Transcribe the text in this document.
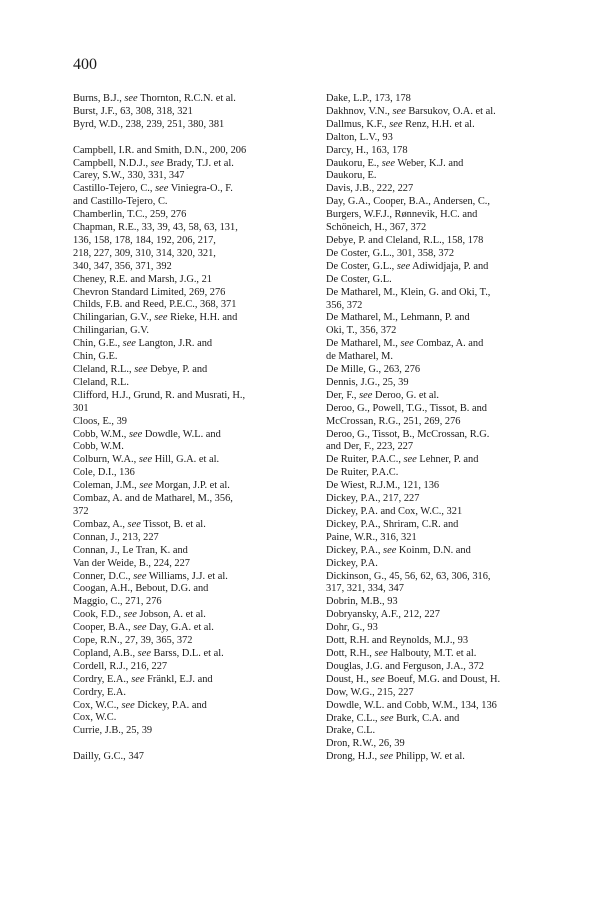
400
Burns, B.J., see Thornton, R.C.N. et al.
Burst, J.F., 63, 308, 318, 321
Byrd, W.D., 238, 239, 251, 380, 381
Campbell, I.R. and Smith, D.N., 200, 206
Campbell, N.D.J., see Brady, T.J. et al.
Carey, S.W., 330, 331, 347
Castillo-Tejero, C., see Viniegra-O., F.
and Castillo-Tejero, C.
Chamberlin, T.C., 259, 276
Chapman, R.E., 33, 39, 43, 58, 63, 131,
136, 158, 178, 184, 192, 206, 217,
218, 227, 309, 310, 314, 320, 321,
340, 347, 356, 371, 392
Cheney, R.E. and Marsh, J.G., 21
Chevron Standard Limited, 269, 276
Childs, F.B. and Reed, P.E.C., 368, 371
Chilingarian, G.V., see Rieke, H.H. and
Chilingarian, G.V.
Chin, G.E., see Langton, J.R. and
Chin, G.E.
Cleland, R.L., see Debye, P. and
Cleland, R.L.
Clifford, H.J., Grund, R. and Musrati, H.,
301
Cloos, E., 39
Cobb, W.M., see Dowdle, W.L. and
Cobb, W.M.
Colburn, W.A., see Hill, G.A. et al.
Cole, D.I., 136
Coleman, J.M., see Morgan, J.P. et al.
Combaz, A. and de Matharel, M., 356,
372
Combaz, A., see Tissot, B. et al.
Connan, J., 213, 227
Connan, J., Le Tran, K. and
Van der Weide, B., 224, 227
Conner, D.C., see Williams, J.J. et al.
Coogan, A.H., Bebout, D.G. and
Maggio, C., 271, 276
Cook, F.D., see Jobson, A. et al.
Cooper, B.A., see Day, G.A. et al.
Cope, R.N., 27, 39, 365, 372
Copland, A.B., see Barss, D.L. et al.
Cordell, R.J., 216, 227
Cordry, E.A., see Fränkl, E.J. and
Cordry, E.A.
Cox, W.C., see Dickey, P.A. and
Cox, W.C.
Currie, J.B., 25, 39
Dailly, G.C., 347
Dake, L.P., 173, 178
Dakhnov, V.N., see Barsukov, O.A. et al.
Dallmus, K.F., see Renz, H.H. et al.
Dalton, L.V., 93
Darcy, H., 163, 178
Daukoru, E., see Weber, K.J. and
Daukoru, E.
Davis, J.B., 222, 227
Day, G.A., Cooper, B.A., Andersen, C.,
Burgers, W.F.J., Rønnevik, H.C. and
Schöneich, H., 367, 372
Debye, P. and Cleland, R.L., 158, 178
De Coster, G.L., 301, 358, 372
De Coster, G.L., see Adiwidjaja, P. and
De Coster, G.L.
De Matharel, M., Klein, G. and Oki, T.,
356, 372
De Matharel, M., Lehmann, P. and
Oki, T., 356, 372
De Matharel, M., see Combaz, A. and
de Matharel, M.
De Mille, G., 263, 276
Dennis, J.G., 25, 39
Der, F., see Deroo, G. et al.
Deroo, G., Powell, T.G., Tissot, B. and
McCrossan, R.G., 251, 269, 276
Deroo, G., Tissot, B., McCrossan, R.G.
and Der, F., 223, 227
De Ruiter, P.A.C., see Lehner, P. and
De Ruiter, P.A.C.
De Wiest, R.J.M., 121, 136
Dickey, P.A., 217, 227
Dickey, P.A. and Cox, W.C., 321
Dickey, P.A., Shriram, C.R. and
Paine, W.R., 316, 321
Dickey, P.A., see Koinm, D.N. and
Dickey, P.A.
Dickinson, G., 45, 56, 62, 63, 306, 316,
317, 321, 334, 347
Dobrin, M.B., 93
Dobryansky, A.F., 212, 227
Dohr, G., 93
Dott, R.H. and Reynolds, M.J., 93
Dott, R.H., see Halbouty, M.T. et al.
Douglas, J.G. and Ferguson, J.A., 372
Doust, H., see Boeuf, M.G. and Doust, H.
Dow, W.G., 215, 227
Dowdle, W.L. and Cobb, W.M., 134, 136
Drake, C.L., see Burk, C.A. and
Drake, C.L.
Dron, R.W., 26, 39
Drong, H.J., see Philipp, W. et al.
